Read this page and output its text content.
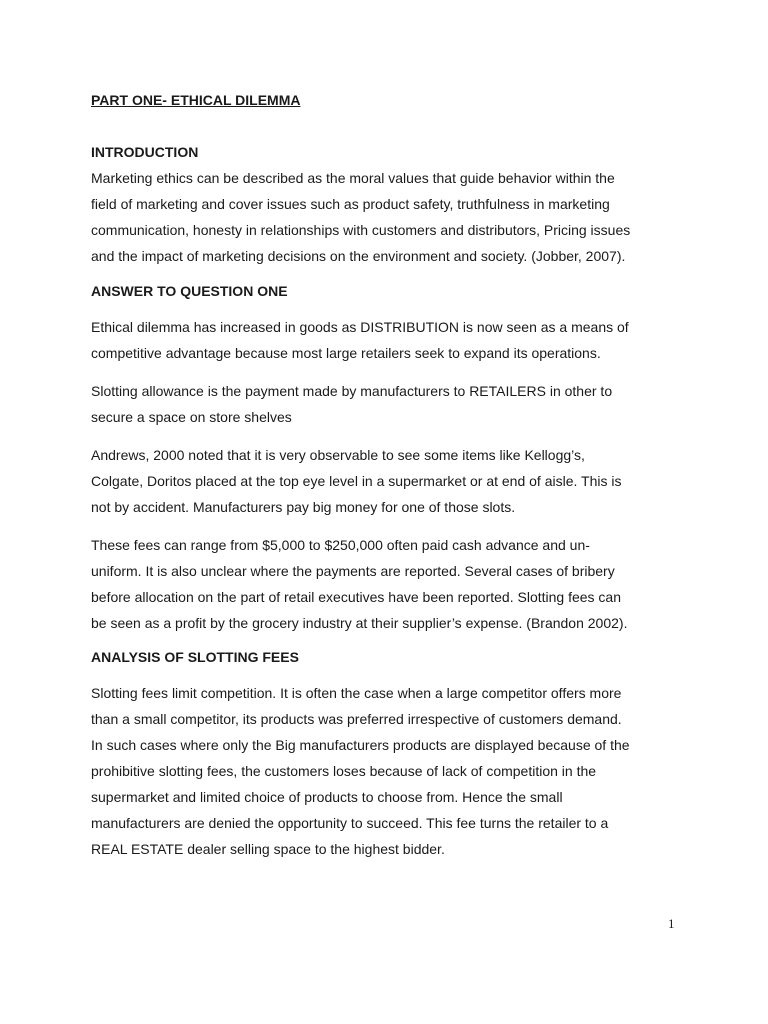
PART ONE- ETHICAL DILEMMA
INTRODUCTION
Marketing ethics can be described as the moral values that guide behavior within the
field of marketing and cover issues such as product safety, truthfulness in marketing
communication, honesty in relationships with customers and distributors, Pricing issues
and the impact of marketing decisions on the environment and society. (Jobber, 2007).
ANSWER TO QUESTION ONE
Ethical dilemma has increased in goods as DISTRIBUTION is now seen as a means of
competitive advantage because most large retailers seek to expand its operations.
Slotting allowance is the payment made by manufacturers to RETAILERS in other to
secure a space on store shelves
Andrews, 2000 noted that it is very observable to see some items like Kellogg’s,
Colgate, Doritos placed at the top eye level in a supermarket or at end of aisle. This is
not by accident. Manufacturers pay big money for one of those slots.
These fees can range from $5,000 to $250,000 often paid cash advance and un-
uniform. It is also unclear where the payments are reported. Several cases of bribery
before allocation on the part of retail executives have been reported. Slotting fees can
be seen as a profit by the grocery industry at their supplier’s expense. (Brandon 2002).
ANALYSIS OF SLOTTING FEES
Slotting fees limit competition. It is often the case when a large competitor offers more
than a small competitor, its products was preferred irrespective of customers demand.
In such cases where only the Big manufacturers products are displayed because of the
prohibitive slotting fees, the customers loses because of lack of competition in the
supermarket and limited choice of products to choose from. Hence the small
manufacturers are denied the opportunity to succeed. This fee turns the retailer to a
REAL ESTATE dealer selling space to the highest bidder.
1
